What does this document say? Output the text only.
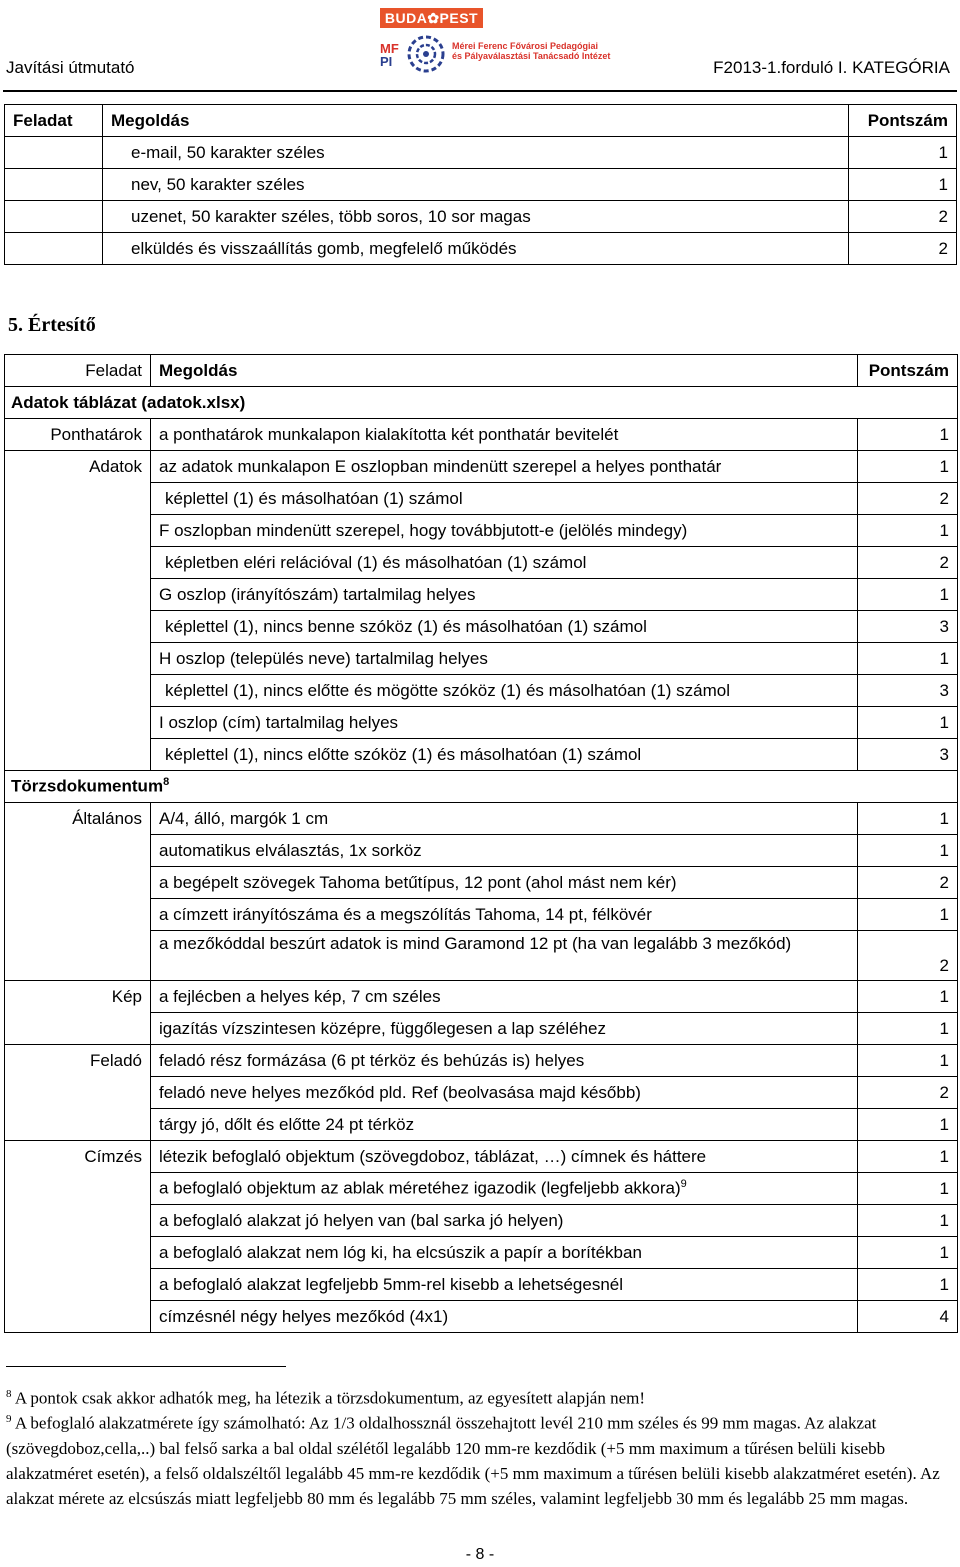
BUDA✿PEST
MF
PI
Mérei Ferenc Fővárosi Pedagógiai
és Pályaválasztási Tanácsadó Intézet
Javítási útmutató	F2013-1.forduló I. KATEGÓRIA
Feladat	Megoldás	Pontszám
	e-mail, 50 karakter széles	1
	nev, 50 karakter széles	1
	uzenet, 50 karakter széles, több soros, 10 sor magas	2
	elküldés és visszaállítás gomb, megfelelő működés	2
5. Értesítő
Feladat	Megoldás	Pontszám
Adatok táblázat (adatok.xlsx)		
Ponthatárok	a ponthatárok munkalapon kialakította két ponthatár bevitelét	1
Adatok	az adatok munkalapon E oszlopban mindenütt szerepel a helyes ponthatár	1
	képlettel (1) és másolhatóan (1) számol	2
	F oszlopban mindenütt szerepel, hogy továbbjutott-e (jelölés mindegy)	1
	képletben eléri relációval (1) és másolhatóan (1) számol	2
	G oszlop (irányítószám) tartalmilag helyes	1
	képlettel (1), nincs benne szóköz (1) és másolhatóan (1) számol	3
	H oszlop (település neve) tartalmilag helyes	1
	képlettel (1), nincs előtte és mögötte szóköz (1) és másolhatóan (1) számol	3
	I oszlop (cím) tartalmilag helyes	1
	képlettel (1), nincs előtte szóköz (1) és másolhatóan (1) számol	3
Törzsdokumentum$^8$
Általános	A/4, álló, margók 1 cm	1
	automatikus elválasztás, 1x sorköz	1
	a begépelt szövegek Tahoma betűtípus, 12 pont (ahol mást nem kér)	2
	a címzett irányítószáma és a megszólítás Tahoma, 14 pt, félkövér	1
	a mezőkóddal beszúrt adatok is mind Garamond 12 pt (ha van legalább 3 mezőkód)	2
Kép	a fejlécben a helyes kép, 7 cm széles	1
	igazítás vízszintesen középre, függőlegesen a lap széléhez	1
Feladó	feladó rész formázása (6 pt térköz és behúzás is) helyes	1
	feladó neve helyes mezőkód pld. Ref (beolvasása majd később)	2
	tárgy jó, dőlt és előtte 24 pt térköz	1
Címzés	létezik befoglaló objektum (szövegdoboz, táblázat, …) címnek és háttere	1
	a befoglaló objektum az ablak méretéhez igazodik (legfeljebb akkora)$^9$	1
	a befoglaló alakzat jó helyen van (bal sarka jó helyen)	1
	a befoglaló alakzat nem lóg ki, ha elcsúszik a papír a borítékban	1
	a befoglaló alakzat legfeljebb 5mm-rel kisebb a lehetségesnél	1
	címzésnél négy helyes mezőkód (4x1)	4
$^8$ A pontok csak akkor adhatók meg, ha létezik a törzsdokumentum, az egyesített alapján nem!
$^9$ A befoglaló alakzatmérete így számolható: Az 1/3 oldalhossznál összehajtott levél 210 mm széles és 99 mm magas. Az alakzat (szövegdoboz,cella,..) bal felső sarka a bal oldal szélétől legalább 120 mm-re kezdődik (+5 mm maximum a tűrésen belüli kisebb alakzatméret esetén), a felső oldalszéltől legalább 45 mm-re kezdődik (+5 mm maximum a tűrésen belüli kisebb alakzatméret esetén). Az alakzat mérete az elcsúszás miatt legfeljebb 80 mm és legalább 75 mm széles, valamint legfeljebb 30 mm és legalább 25 mm magas.
- 8 -
